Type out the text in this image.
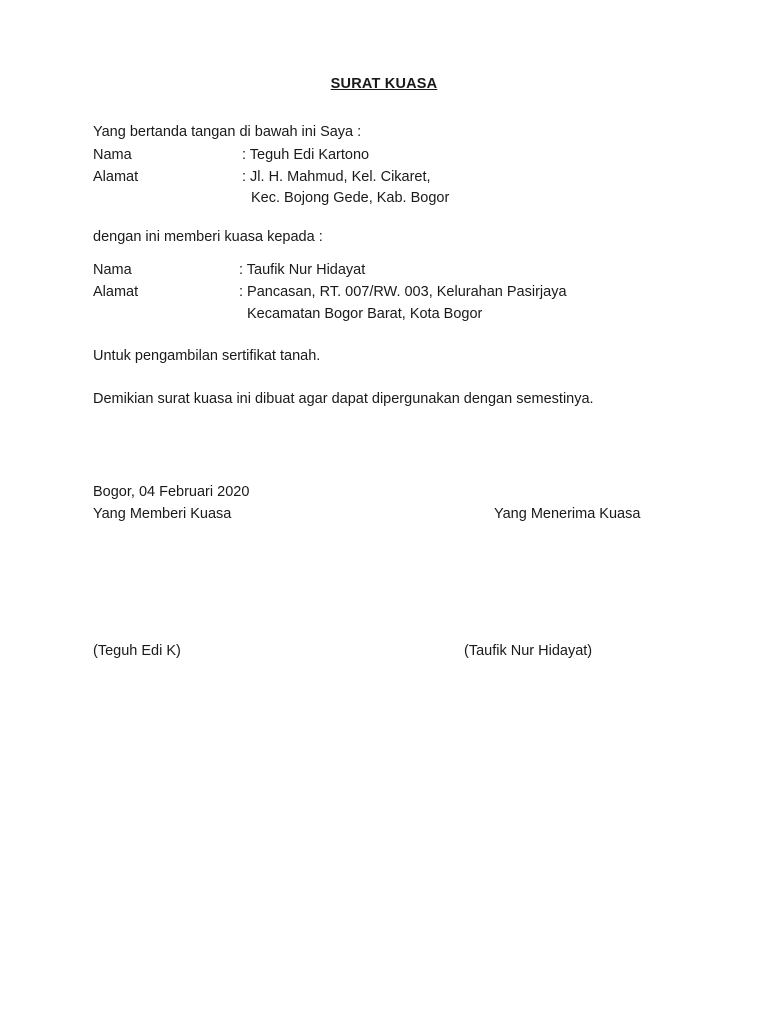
SURAT KUASA
Yang bertanda tangan di bawah ini Saya :
Nama	: Teguh Edi Kartono
Alamat	: Jl. H. Mahmud, Kel. Cikaret,
Kec. Bojong Gede, Kab. Bogor
dengan ini memberi kuasa kepada :
Nama	: Taufik Nur Hidayat
Alamat	: Pancasan, RT. 007/RW. 003, Kelurahan Pasirjaya
Kecamatan Bogor Barat, Kota Bogor
Untuk pengambilan sertifikat tanah.
Demikian surat kuasa ini dibuat agar dapat dipergunakan dengan semestinya.
Bogor, 04 Februari 2020
Yang Memberi Kuasa	Yang Menerima Kuasa
(Teguh Edi K)	(Taufik Nur Hidayat)
